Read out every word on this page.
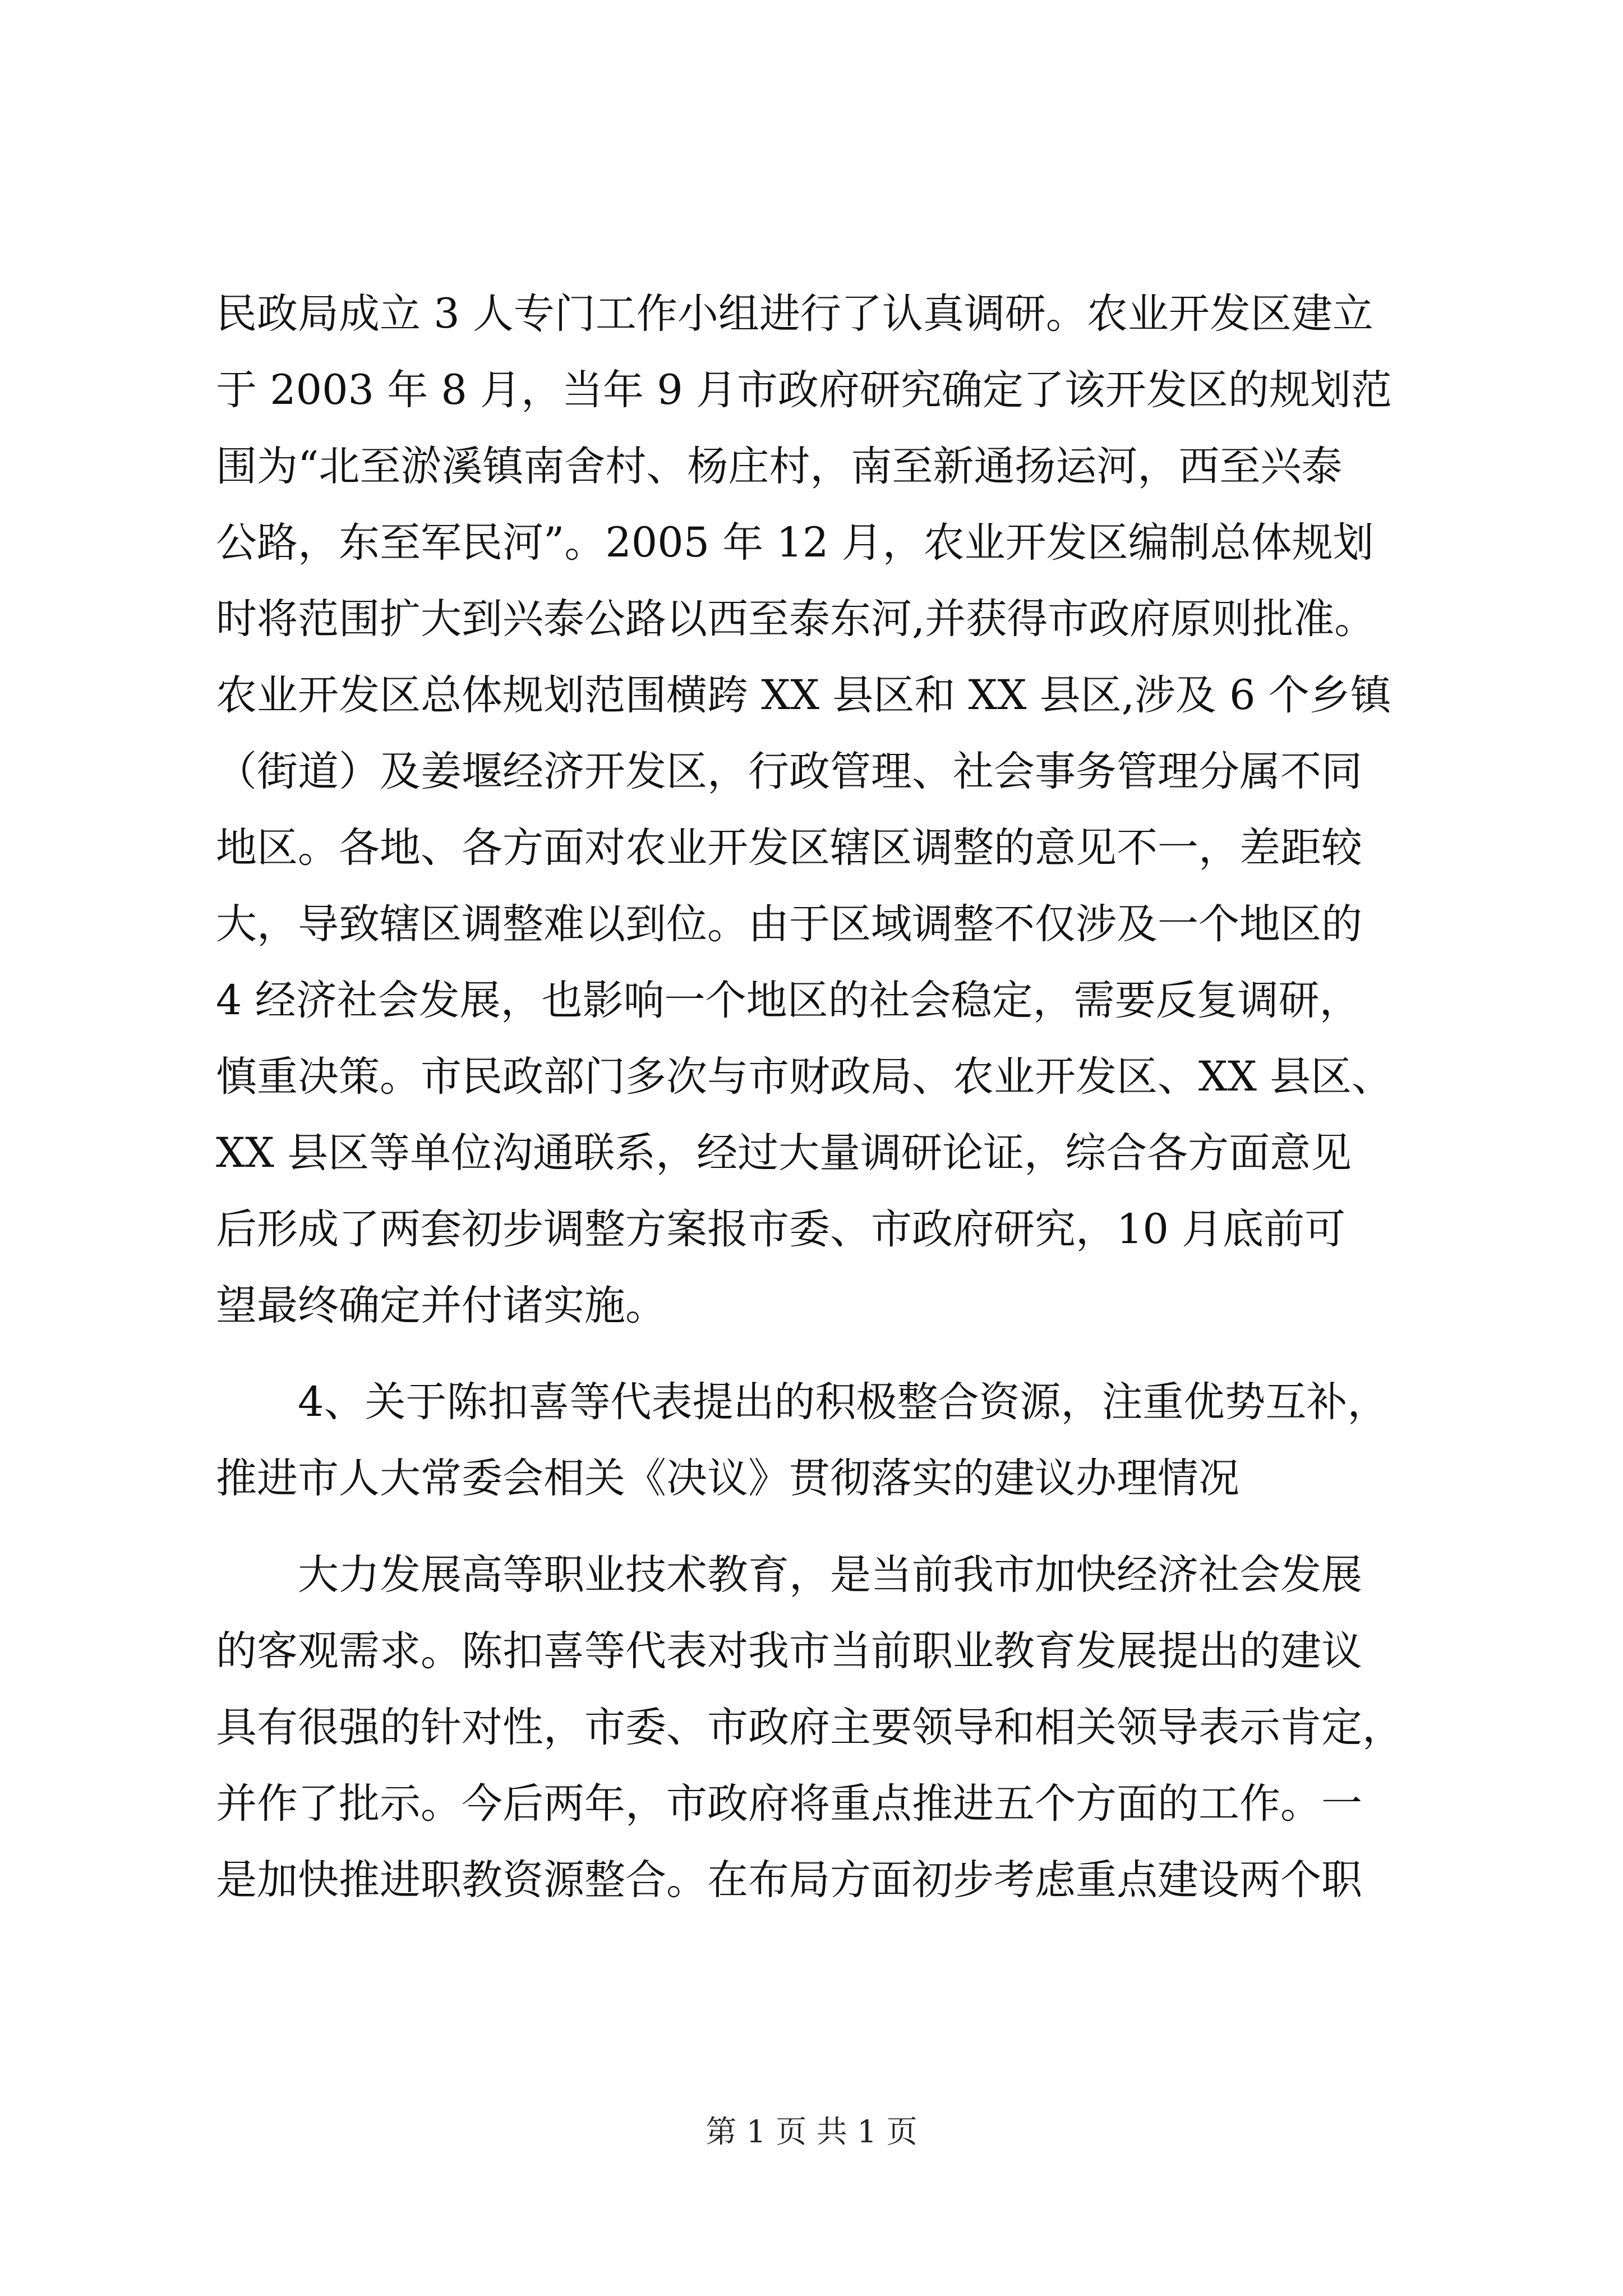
民政局成立 3 人专门工作小组进行了认真调研。农业开发区建立
于 2003 年 8 月，当年 9 月市政府研究确定了该开发区的规划范
围为“北至淤溪镇南舍村、杨庄村，南至新通扬运河，西至兴泰
公路，东至军民河”。2005 年 12 月，农业开发区编制总体规划
时将范围扩大到兴泰公路以西至泰东河,并获得市政府原则批准。
农业开发区总体规划范围横跨 XX 县区和 XX 县区,涉及 6 个乡镇
（街道）及姜堰经济开发区，行政管理、社会事务管理分属不同
地区。各地、各方面对农业开发区辖区调整的意见不一，差距较
大，导致辖区调整难以到位。由于区域调整不仅涉及一个地区的
4 经济社会发展，也影响一个地区的社会稳定，需要反复调研，
慎重决策。市民政部门多次与市财政局、农业开发区、XX 县区、
XX 县区等单位沟通联系，经过大量调研论证，综合各方面意见
后形成了两套初步调整方案报市委、市政府研究，10 月底前可
望最终确定并付诸实施。
4、关于陈扣喜等代表提出的积极整合资源，注重优势互补，
推进市人大常委会相关《决议》贯彻落实的建议办理情况
大力发展高等职业技术教育，是当前我市加快经济社会发展
的客观需求。陈扣喜等代表对我市当前职业教育发展提出的建议
具有很强的针对性，市委、市政府主要领导和相关领导表示肯定，
并作了批示。今后两年，市政府将重点推进五个方面的工作。一
是加快推进职教资源整合。在布局方面初步考虑重点建设两个职
第 1 页 共 1 页
